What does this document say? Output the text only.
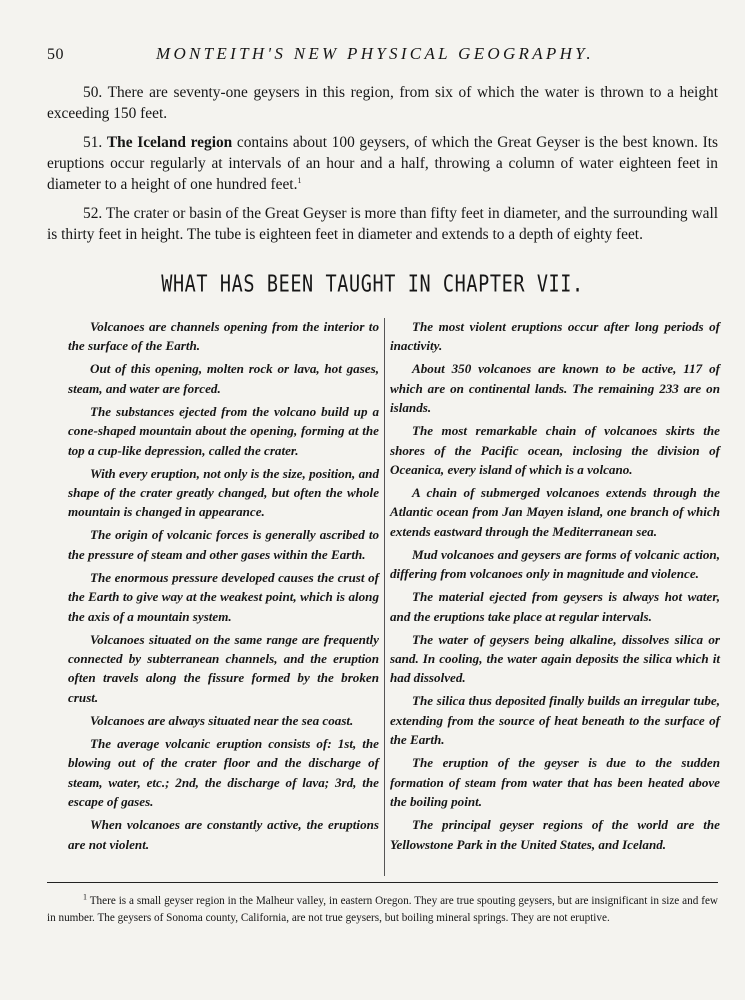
50	MONTEITH'S NEW PHYSICAL GEOGRAPHY.

50. There are seventy-one geysers in this region, from six of which the water is thrown to a height exceeding 150 feet.

51. The Iceland region contains about 100 geysers, of which the Great Geyser is the best known. Its eruptions occur regularly at intervals of an hour and a half, throwing a column of water eighteen feet in diameter to a height of one hundred feet.$^1$

52. The crater or basin of the Great Geyser is more than fifty feet in diameter, and the surrounding wall is thirty feet in height. The tube is eighteen feet in diameter and extends to a depth of eighty feet.

WHAT HAS BEEN TAUGHT IN CHAPTER VII.

Volcanoes are channels opening from the interior to the surface of the Earth.

Out of this opening, molten rock or lava, hot gases, steam, and water are forced.

The substances ejected from the volcano build up a cone-shaped mountain about the opening, forming at the top a cup-like depression, called the crater.

With every eruption, not only is the size, position, and shape of the crater greatly changed, but often the whole mountain is changed in appearance.

The origin of volcanic forces is generally ascribed to the pressure of steam and other gases within the Earth.

The enormous pressure developed causes the crust of the Earth to give way at the weakest point, which is along the axis of a mountain system.

Volcanoes situated on the same range are frequently connected by subterranean channels, and the eruption often travels along the fissure formed by the broken crust.

Volcanoes are always situated near the sea coast.

The average volcanic eruption consists of: 1st, the blowing out of the crater floor and the discharge of steam, water, etc.; 2nd, the discharge of lava; 3rd, the escape of gases.

When volcanoes are constantly active, the eruptions are not violent.

The most violent eruptions occur after long periods of inactivity.

About 350 volcanoes are known to be active, 117 of which are on continental lands. The remaining 233 are on islands.

The most remarkable chain of volcanoes skirts the shores of the Pacific ocean, inclosing the division of Oceanica, every island of which is a volcano.

A chain of submerged volcanoes extends through the Atlantic ocean from Jan Mayen island, one branch of which extends eastward through the Mediterranean sea.

Mud volcanoes and geysers are forms of volcanic action, differing from volcanoes only in magnitude and violence.

The material ejected from geysers is always hot water, and the eruptions take place at regular intervals.

The water of geysers being alkaline, dissolves silica or sand. In cooling, the water again deposits the silica which it had dissolved.

The silica thus deposited finally builds an irregular tube, extending from the source of heat beneath to the surface of the Earth.

The eruption of the geyser is due to the sudden formation of steam from water that has been heated above the boiling point.

The principal geyser regions of the world are the Yellowstone Park in the United States, and Iceland.

$^1$ There is a small geyser region in the Malheur valley, in eastern Oregon. They are true spouting geysers, but are insignificant in size and few in number. The geysers of Sonoma county, California, are not true geysers, but boiling mineral springs. They are not eruptive.
